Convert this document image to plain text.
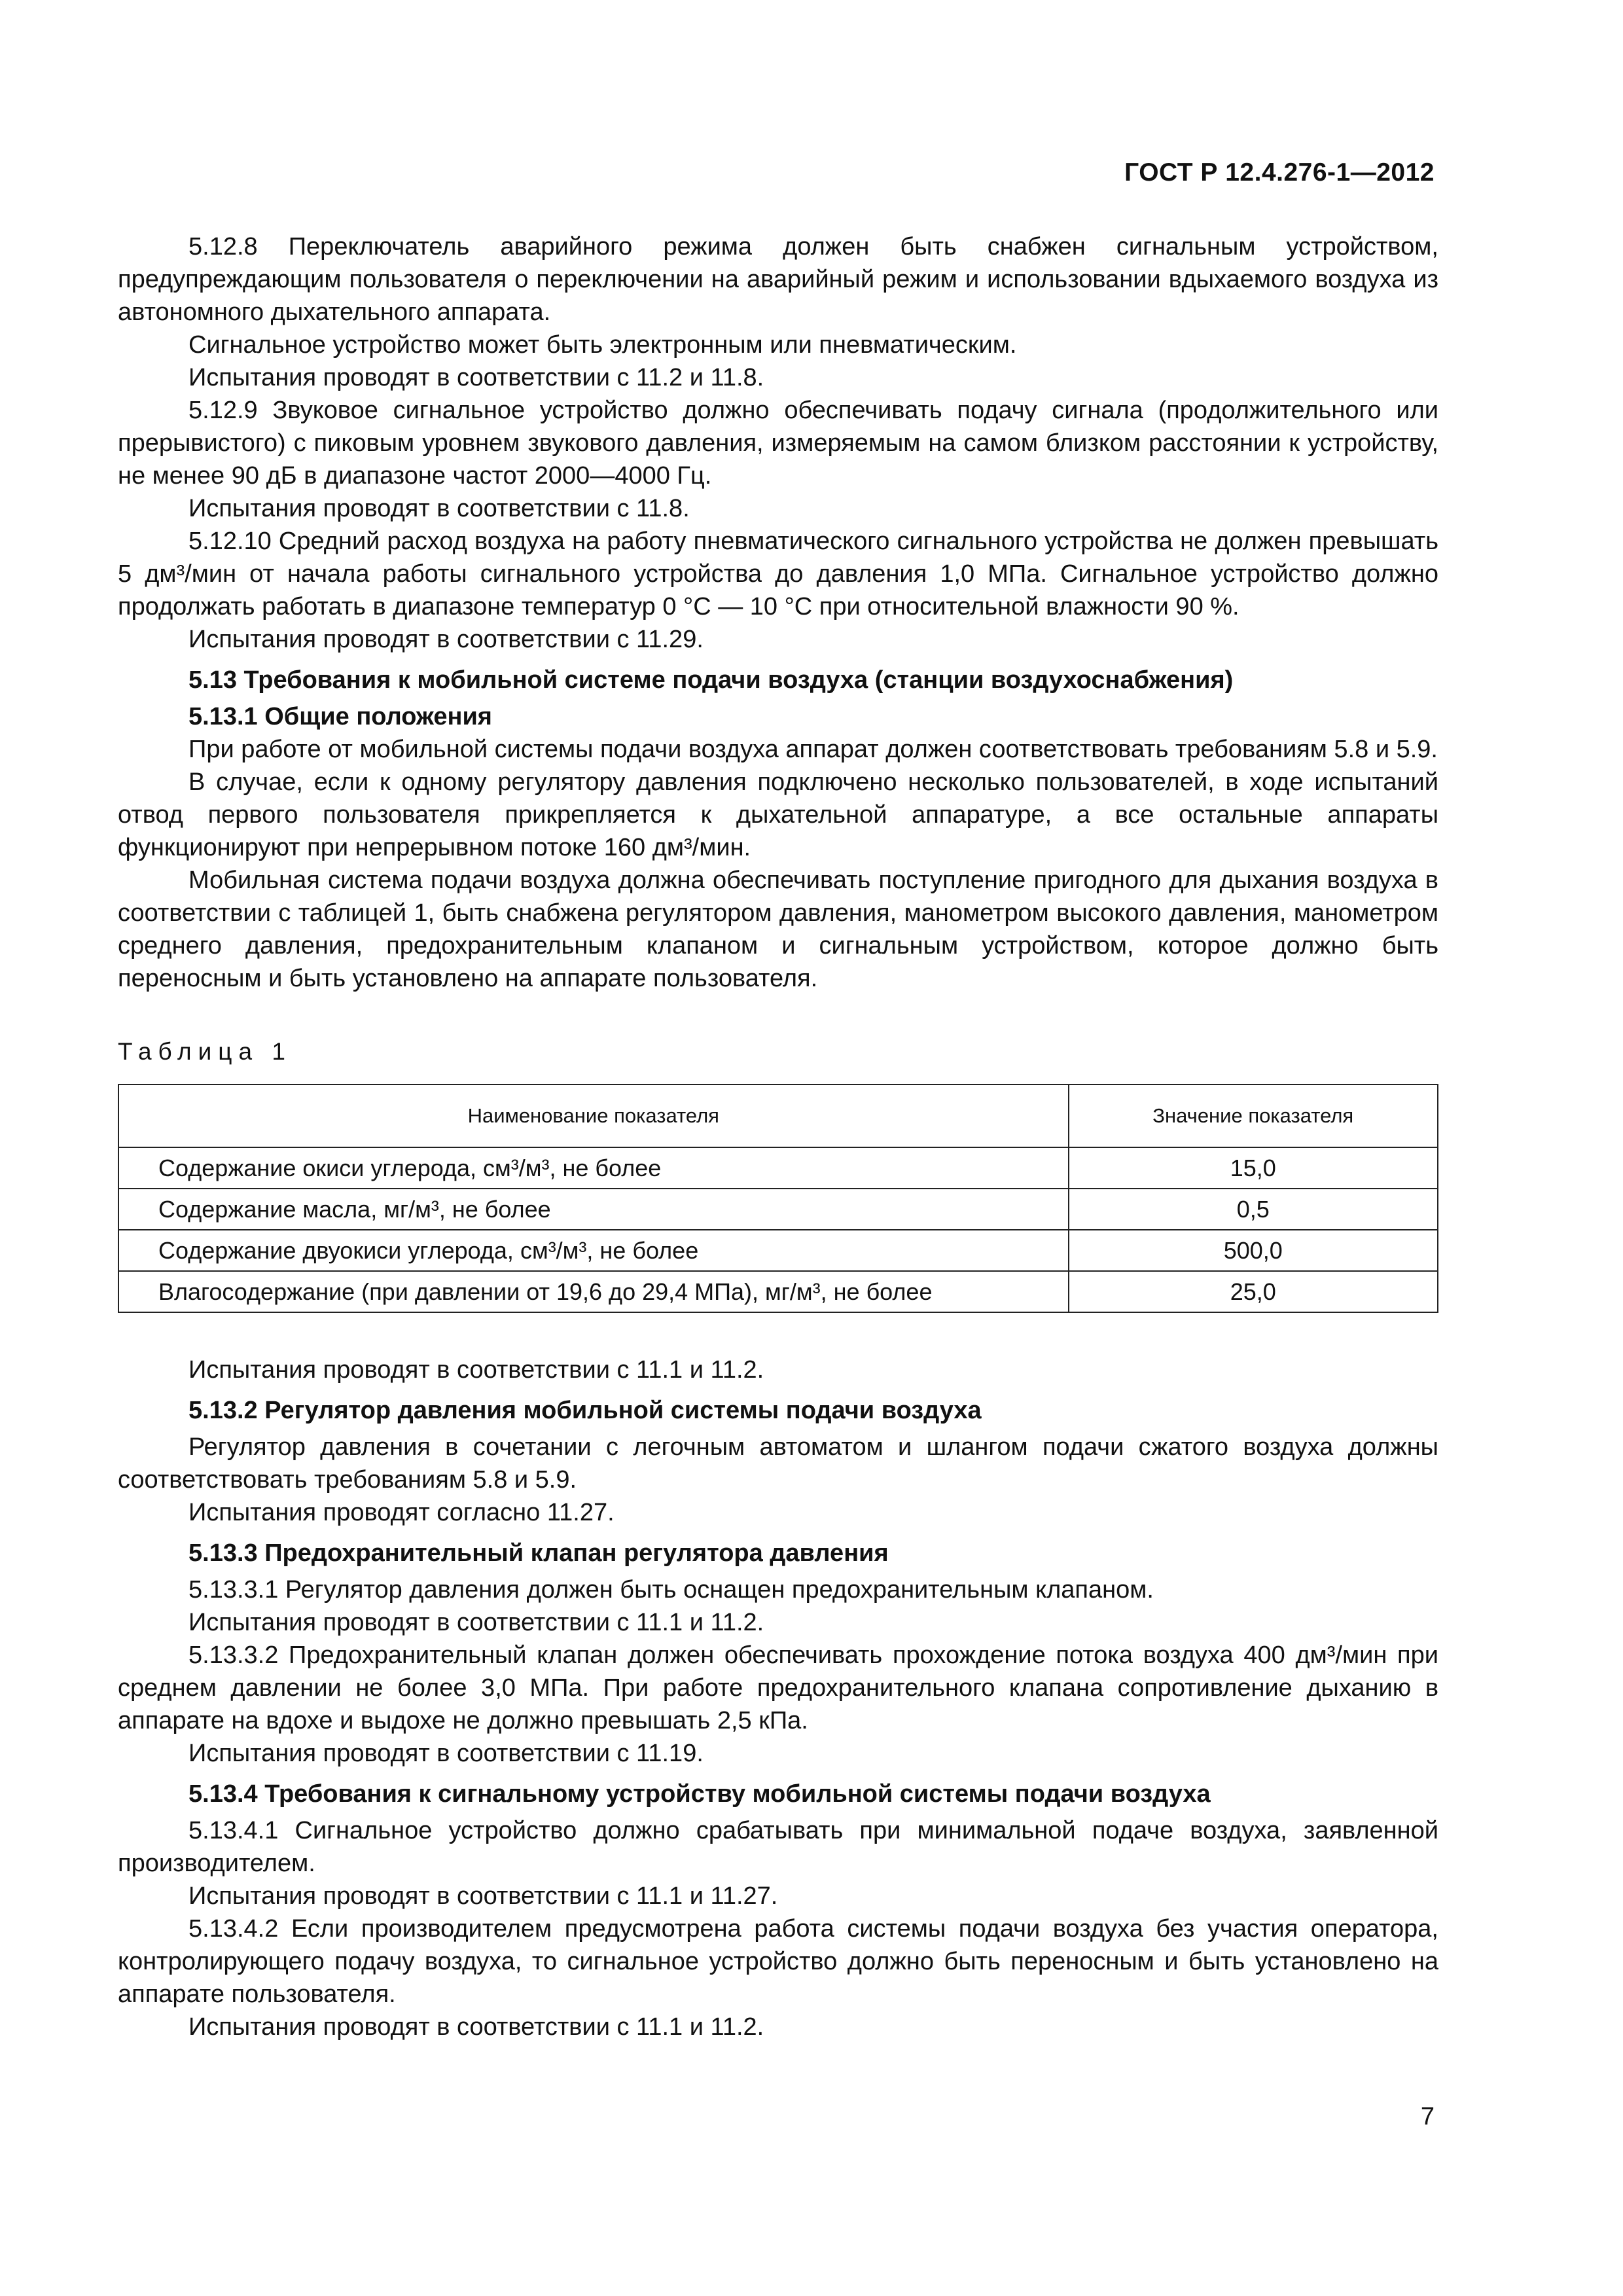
ГОСТ Р 12.4.276-1—2012

5.12.8 Переключатель аварийного режима должен быть снабжен сигнальным устройством, предупреждающим пользователя о переключении на аварийный режим и использовании вдыхаемого воздуха из автономного дыхательного аппарата.

Сигнальное устройство может быть электронным или пневматическим.

Испытания проводят в соответствии с 11.2 и 11.8.

5.12.9 Звуковое сигнальное устройство должно обеспечивать подачу сигнала (продолжительного или прерывистого) с пиковым уровнем звукового давления, измеряемым на самом близком расстоянии к устройству, не менее 90 дБ в диапазоне частот 2000—4000 Гц.

Испытания проводят в соответствии с 11.8.

5.12.10 Средний расход воздуха на работу пневматического сигнального устройства не должен превышать 5 дм³/мин от начала работы сигнального устройства до давления 1,0 МПа. Сигнальное устройство должно продолжать работать в диапазоне температур 0 °С — 10 °С при относительной влажности 90 %.

Испытания проводят в соответствии с 11.29.

5.13 Требования к мобильной системе подачи воздуха (станции воздухоснабжения)

5.13.1 Общие положения

При работе от мобильной системы подачи воздуха аппарат должен соответствовать требованиям 5.8 и 5.9.

В случае, если к одному регулятору давления подключено несколько пользователей, в ходе испытаний отвод первого пользователя прикрепляется к дыхательной аппаратуре, а все остальные аппараты функционируют при непрерывном потоке 160 дм³/мин.

Мобильная система подачи воздуха должна обеспечивать поступление пригодного для дыхания воздуха в соответствии с таблицей 1, быть снабжена регулятором давления, манометром высокого давления, манометром среднего давления, предохранительным клапаном и сигнальным устройством, которое должно быть переносным и быть установлено на аппарате пользователя.

Таблица 1
Наименование показателя	Значение показателя
Содержание окиси углерода, см³/м³, не более	15,0
Содержание масла, мг/м³, не более	0,5
Содержание двуокиси углерода, см³/м³, не более	500,0
Влагосодержание (при давлении от 19,6 до 29,4 МПа), мг/м³, не более	25,0

Испытания проводят в соответствии с 11.1 и 11.2.

5.13.2 Регулятор давления мобильной системы подачи воздуха

Регулятор давления в сочетании с легочным автоматом и шлангом подачи сжатого воздуха должны соответствовать требованиям 5.8 и 5.9.

Испытания проводят согласно 11.27.

5.13.3 Предохранительный клапан регулятора давления

5.13.3.1 Регулятор давления должен быть оснащен предохранительным клапаном.

Испытания проводят в соответствии с 11.1 и 11.2.

5.13.3.2 Предохранительный клапан должен обеспечивать прохождение потока воздуха 400 дм³/мин при среднем давлении не более 3,0 МПа. При работе предохранительного клапана сопротивление дыханию в аппарате на вдохе и выдохе не должно превышать 2,5 кПа.

Испытания проводят в соответствии с 11.19.

5.13.4 Требования к сигнальному устройству мобильной системы подачи воздуха

5.13.4.1 Сигнальное устройство должно срабатывать при минимальной подаче воздуха, заявленной производителем.

Испытания проводят в соответствии с 11.1 и 11.27.

5.13.4.2 Если производителем предусмотрена работа системы подачи воздуха без участия оператора, контролирующего подачу воздуха, то сигнальное устройство должно быть переносным и быть установлено на аппарате пользователя.

Испытания проводят в соответствии с 11.1 и 11.2.

7
